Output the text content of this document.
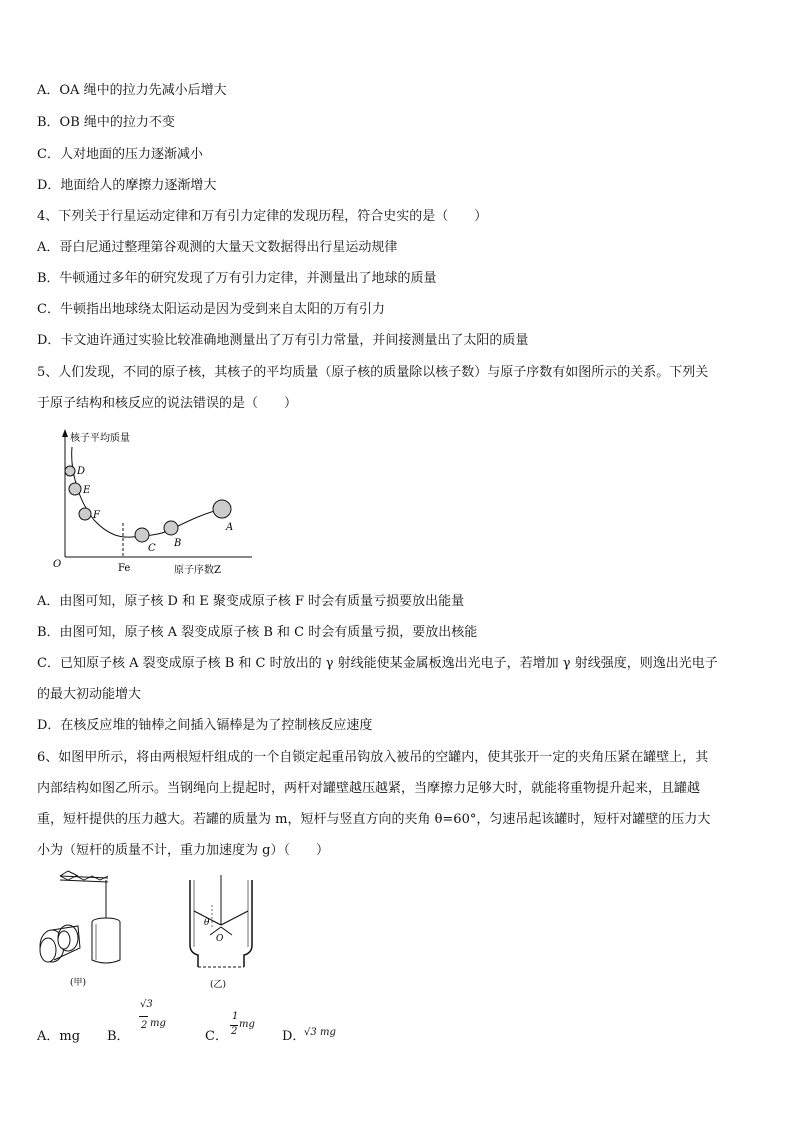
A．OA 绳中的拉力先减小后增大
B．OB 绳中的拉力不变
C．人对地面的压力逐渐减小
D．地面给人的摩擦力逐渐增大
4、下列关于行星运动定律和万有引力定律的发现历程，符合史实的是（　　）
A．哥白尼通过整理第谷观测的大量天文数据得出行星运动规律
B．牛顿通过多年的研究发现了万有引力定律，并测量出了地球的质量
C．牛顿指出地球绕太阳运动是因为受到来自太阳的万有引力
D．卡文迪许通过实验比较准确地测量出了万有引力常量，并间接测量出了太阳的质量
5、人们发现，不同的原子核，其核子的平均质量（原子核的质量除以核子数）与原子序数有如图所示的关系。下列关
于原子结构和核反应的说法错误的是（　　）
核子平均质量
D
E
F
C B
A
O	Fe	原子序数Z
A．由图可知，原子核 D 和 E 聚变成原子核 F 时会有质量亏损要放出能量
B．由图可知，原子核 A 裂变成原子核 B 和 C 时会有质量亏损，要放出核能
C．已知原子核 A 裂变成原子核 B 和 C 时放出的 γ 射线能使某金属板逸出光电子，若增加 γ 射线强度，则逸出光电子
的最大初动能增大
D．在核反应堆的铀棒之间插入镉棒是为了控制核反应速度
6、如图甲所示，将由两根短杆组成的一个自锁定起重吊钩放入被吊的空罐内，使其张开一定的夹角压紧在罐壁上，其
内部结构如图乙所示。当钢绳向上提起时，两杆对罐壁越压越紧，当摩擦力足够大时，就能将重物提升起来，且罐越
重，短杆提供的压力越大。若罐的质量为 m，短杆与竖直方向的夹角 θ=60°，匀速吊起该罐时，短杆对罐壁的压力大
小为（短杆的质量不计，重力加速度为 g）（　　）
(甲)
θ
O
(乙)
A．mg B．
√3
2 mg
C．
1
2
mg
D．
√3 mg
